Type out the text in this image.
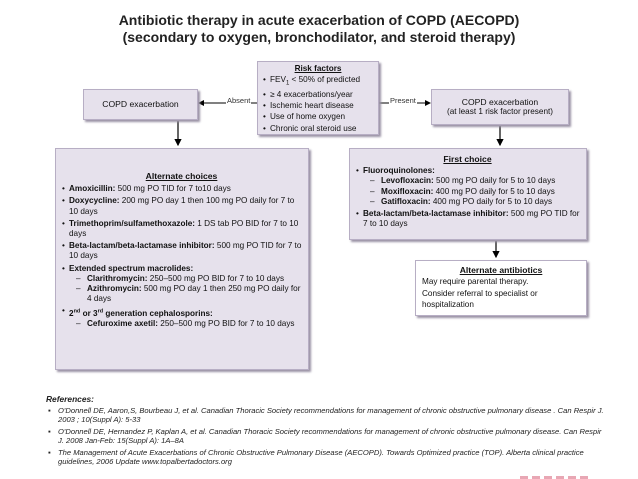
Antibiotic therapy in acute exacerbation of COPD (AECOPD)
(secondary to oxygen, bronchodilator, and steroid therapy)
Absent	Present
Risk factors
• $FEV_1 < 50\%$ of predicted
• ≥ 4 exacerbations/year
• Ischemic heart disease
• Use of home oxygen
• Chronic oral steroid use
COPD exacerbation	COPD exacerbation
(at least 1 risk factor present)
Alternate choices
• Amoxicillin: 500 mg PO TID for 7 to10 days
• Doxycycline: 200 mg PO day 1 then 100 mg PO daily for 7 to 10 days
• Trimethoprim/sulfamethoxazole: 1 DS tab PO BID for 7 to 10 days
• Beta-lactam/beta-lactamase inhibitor: 500 mg PO TID for 7 to 10 days
• Extended spectrum macrolides:
– Clarithromycin: 250–500 mg PO BID for 7 to 10 days
– Azithromycin: 500 mg PO day 1 then 250 mg PO daily for 4 days
• 2nd or 3rd generation cephalosporins:
– Cefuroxime axetil: 250–500 mg PO BID for 7 to 10 days
First choice
• Fluoroquinolones:
– Levofloxacin: 500 mg PO daily for 5 to 10 days
– Moxifloxacin: 400 mg PO daily for 5 to 10 days
– Gatifloxacin: 400 mg PO daily for 5 to 10 days
• Beta-lactam/beta-lactamase inhibitor: 500 mg PO TID for 7 to 10 days
Alternate antibiotics
May require parental therapy.
Consider referral to specialist or hospitalization
References:
▪ O'Donnell DE, Aaron,S, Bourbeau J, et al. Canadian Thoracic Society recommendations for management of chronic obstructive pulmonary disease . Can Respir J. 2003 ; 10(Suppl A): 5-33
▪ O'Donnell DE, Hernandez P, Kaplan A, et al. Canadian Thoracic Society recommendations for management of chronic obstructive pulmonary disease. Can Respir J. 2008 Jan-Feb: 15(Suppl A): 1A–8A
▪ The Management of Acute Exacerbations of Chronic Obstructive Pulmonary Disease (AECOPD). Towards Optimized practice (TOP). Alberta clinical practice guidelines, 2006 Update www.topalbertadoctors.org
